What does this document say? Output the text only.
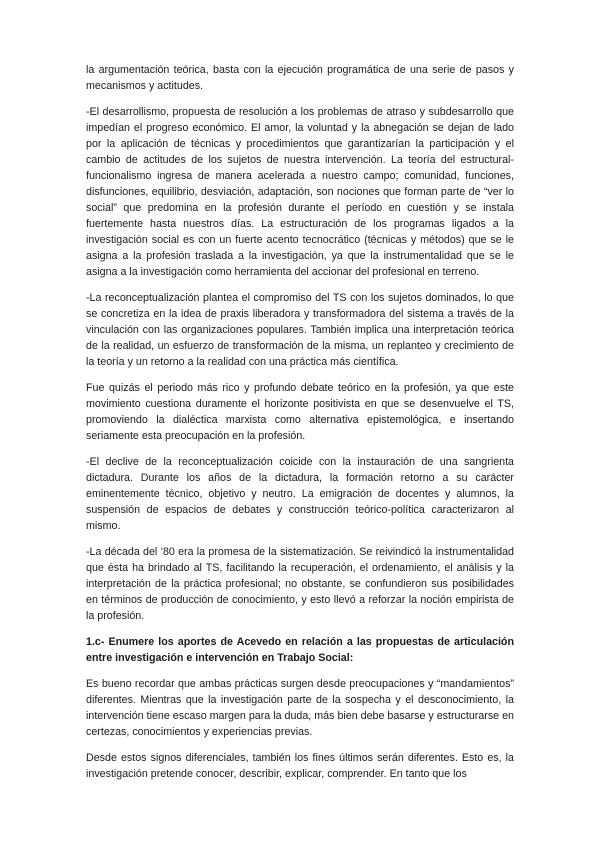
la argumentación teórica, basta con la ejecución programática de una serie de pasos y mecanismos y actitudes.

-El desarrollismo, propuesta de resolución a los problemas de atraso y subdesarrollo que impedían el progreso económico. El amor, la voluntad y la abnegación se dejan de lado por la aplicación de técnicas y procedimientos que garantizarían la participación y el cambio de actitudes de los sujetos de nuestra intervención. La teoría del estructural-funcionalismo ingresa de manera acelerada a nuestro campo; comunidad, funciones, disfunciones, equilibrio, desviación, adaptación, son nociones que forman parte de “ver lo social” que predomina en la profesión durante el período en cuestión y se instala fuertemente hasta nuestros días. La estructuración de los programas ligados a la investigación social es con un fuerte acento tecnocrático (técnicas y métodos) que se le asigna a la profesión traslada a la investigación, ya que la instrumentalidad que se le asigna a la investigación como herramienta del accionar del profesional en terreno.

-La reconceptualización plantea el compromiso del TS con los sujetos dominados, lo que se concretiza en la idea de praxis liberadora y transformadora del sistema a través de la vinculación con las organizaciones populares. También implica una interpretación teórica de la realidad, un esfuerzo de transformación de la misma, un replanteo y crecimiento de la teoría y un retorno a la realidad con una práctica más científica.

Fue quizás el periodo más rico y profundo debate teórico en la profesión, ya que este movimiento cuestiona duramente el horizonte positivista en que se desenvuelve el TS, promoviendo la dialéctica marxista como alternativa epistemológica, e insertando seriamente esta preocupación en la profesión.

-El declive de la reconceptualización coicide con la instauración de una sangrienta dictadura. Durante los años de la dictadura, la formación retorno a su carácter eminentemente técnico, objetivo y neutro. La emigración de docentes y alumnos, la suspensión de espacios de debates y construcción teórico-política caracterizaron al mismo.

-La década del ’80 era la promesa de la sistematización. Se reivindicó la instrumentalidad que ésta ha brindado al TS, facilitando la recuperación, el ordenamiento, el análisis y la interpretación de la práctica profesional; no obstante, se confundieron sus posibilidades en términos de producción de conocimiento, y esto llevó a reforzar la noción empirista de la profesión.

1.c- Enumere los aportes de Acevedo en relación a las propuestas de articulación entre investigación e intervención en Trabajo Social:

Es bueno recordar que ambas prácticas surgen desde preocupaciones y “mandamientos” diferentes. Mientras que la investigación parte de la sospecha y el desconocimiento, la intervención tiene escaso margen para la duda, más bien debe basarse y estructurarse en certezas, conocimientos y experiencias previas.

Desde estos signos diferenciales, también los fines últimos serán diferentes. Esto es, la investigación pretende conocer, describir, explicar, comprender. En tanto que los
